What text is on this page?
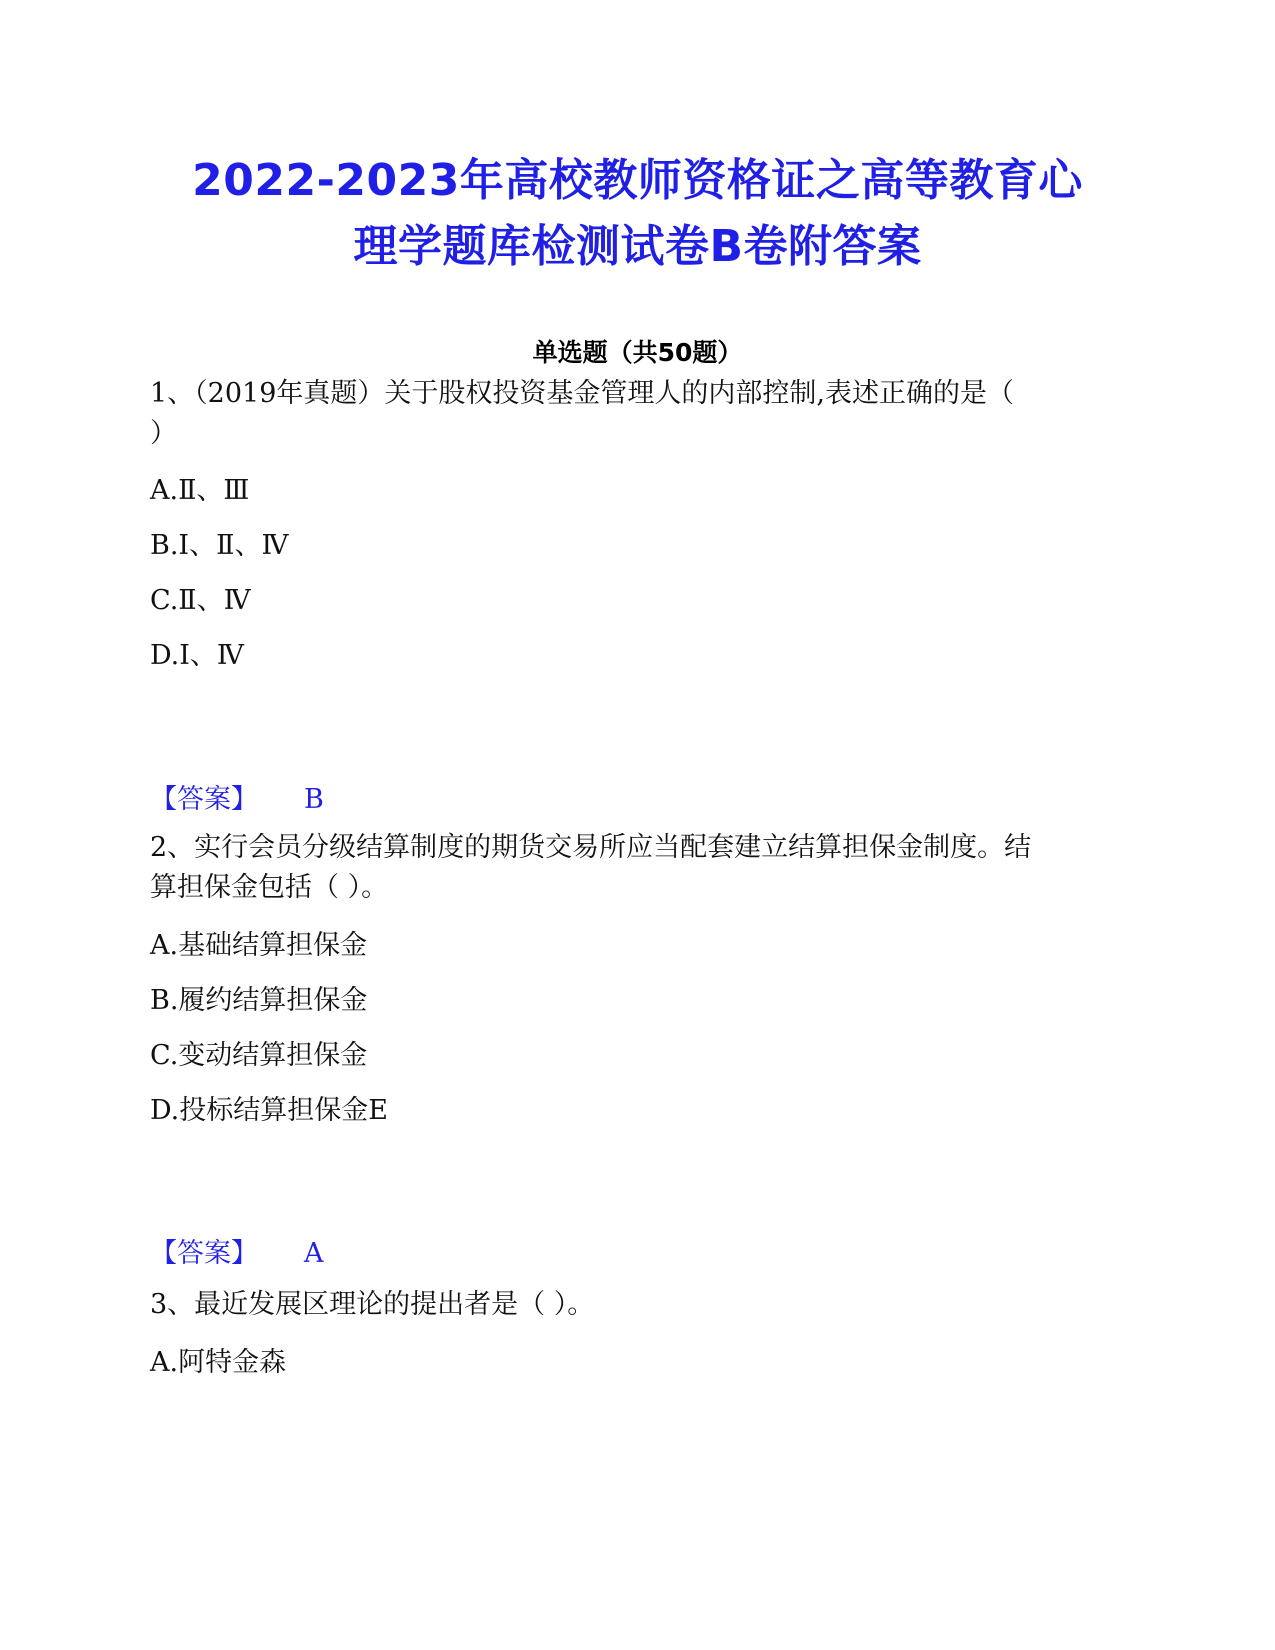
2022-2023年高校教师资格证之高等教育心
理学题库检测试卷B卷附答案
单选题（共50题）
1、（2019年真题）关于股权投资基金管理人的内部控制,表述正确的是（
）
A.Ⅱ、Ⅲ
B.Ⅰ、Ⅱ、Ⅳ
C.Ⅱ、Ⅳ
D.Ⅰ、Ⅳ
【答案】 B
2、实行会员分级结算制度的期货交易所应当配套建立结算担保金制度。结
算担保金包括（ ）。
A.基础结算担保金
B.履约结算担保金
C.变动结算担保金
D.投标结算担保金E
【答案】 A
3、最近发展区理论的提出者是（ ）。
A.阿特金森
